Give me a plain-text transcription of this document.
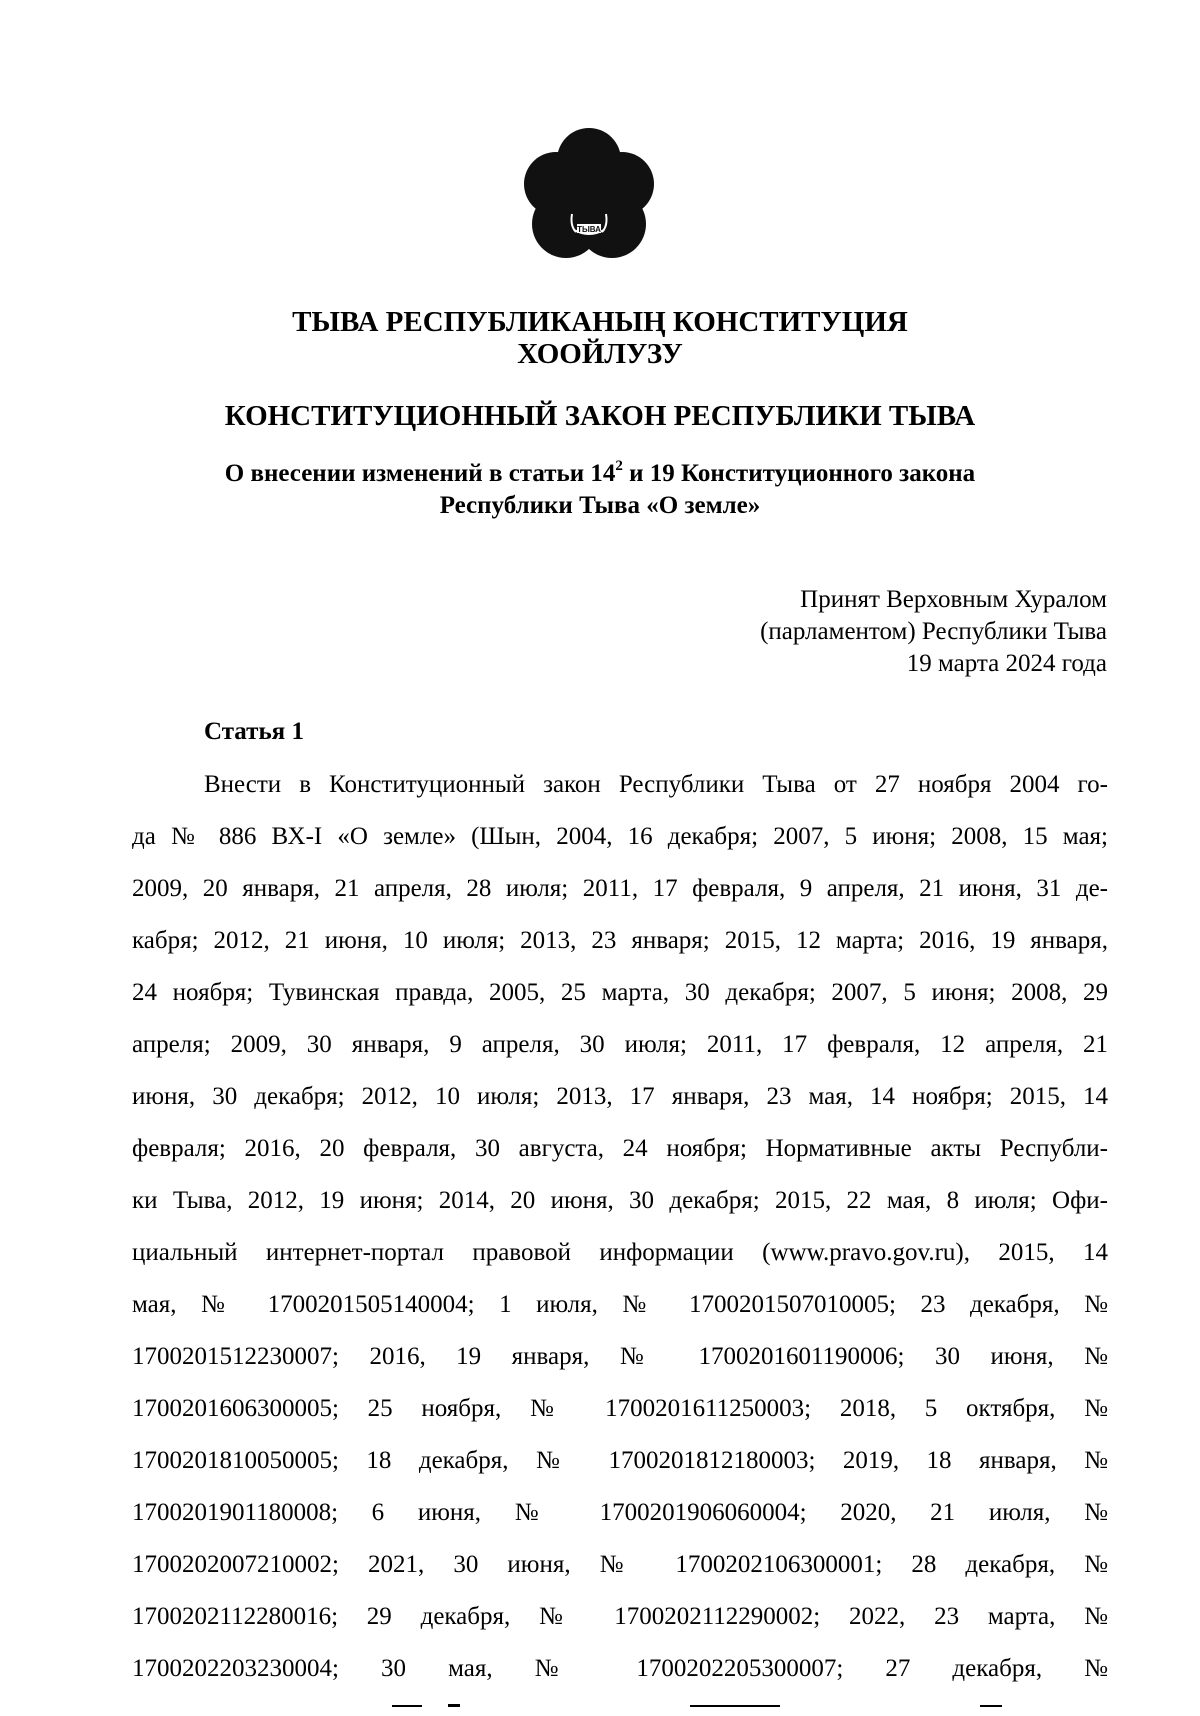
ТЫВА
ТЫВА РЕСПУБЛИКАНЫҢ КОНСТИТУЦИЯ
ХООЙЛУЗУ
КОНСТИТУЦИОННЫЙ ЗАКОН РЕСПУБЛИКИ ТЫВА
О внесении изменений в статьи $14^2$ и 19 Конституционного закона
Республики Тыва «О земле»
Принят Верховным Хуралом
(парламентом) Республики Тыва
19 марта 2024 года
Статья 1
Внести в Конституционный закон Республики Тыва от 27 ноября 2004 го-
да № 886 ВХ-I «О земле» (Шын, 2004, 16 декабря; 2007, 5 июня; 2008, 15 мая;
2009, 20 января, 21 апреля, 28 июля; 2011, 17 февраля, 9 апреля, 21 июня, 31 де-
кабря; 2012, 21 июня, 10 июля; 2013, 23 января; 2015, 12 марта; 2016, 19 января,
24 ноября; Тувинская правда, 2005, 25 марта, 30 декабря; 2007, 5 июня; 2008, 29
апреля; 2009, 30 января, 9 апреля, 30 июля; 2011, 17 февраля, 12 апреля, 21
июня, 30 декабря; 2012, 10 июля; 2013, 17 января, 23 мая, 14 ноября; 2015, 14
февраля; 2016, 20 февраля, 30 августа, 24 ноября; Нормативные акты Республи-
ки Тыва, 2012, 19 июня; 2014, 20 июня, 30 декабря; 2015, 22 мая, 8 июля; Офи-
циальный интернет-портал правовой информации (www.pravo.gov.ru), 2015, 14
мая, № 1700201505140004; 1 июля, № 1700201507010005; 23 декабря, №
1700201512230007; 2016, 19 января, № 1700201601190006; 30 июня, №
1700201606300005; 25 ноября, № 1700201611250003; 2018, 5 октября, №
1700201810050005; 18 декабря, № 1700201812180003; 2019, 18 января, №
1700201901180008; 6 июня, № 1700201906060004; 2020, 21 июля, №
1700202007210002; 2021, 30 июня, № 1700202106300001; 28 декабря, №
1700202112280016; 29 декабря, № 1700202112290002; 2022, 23 марта, №
1700202203230004; 30 мая, № 1700202205300007; 27 декабря, №
